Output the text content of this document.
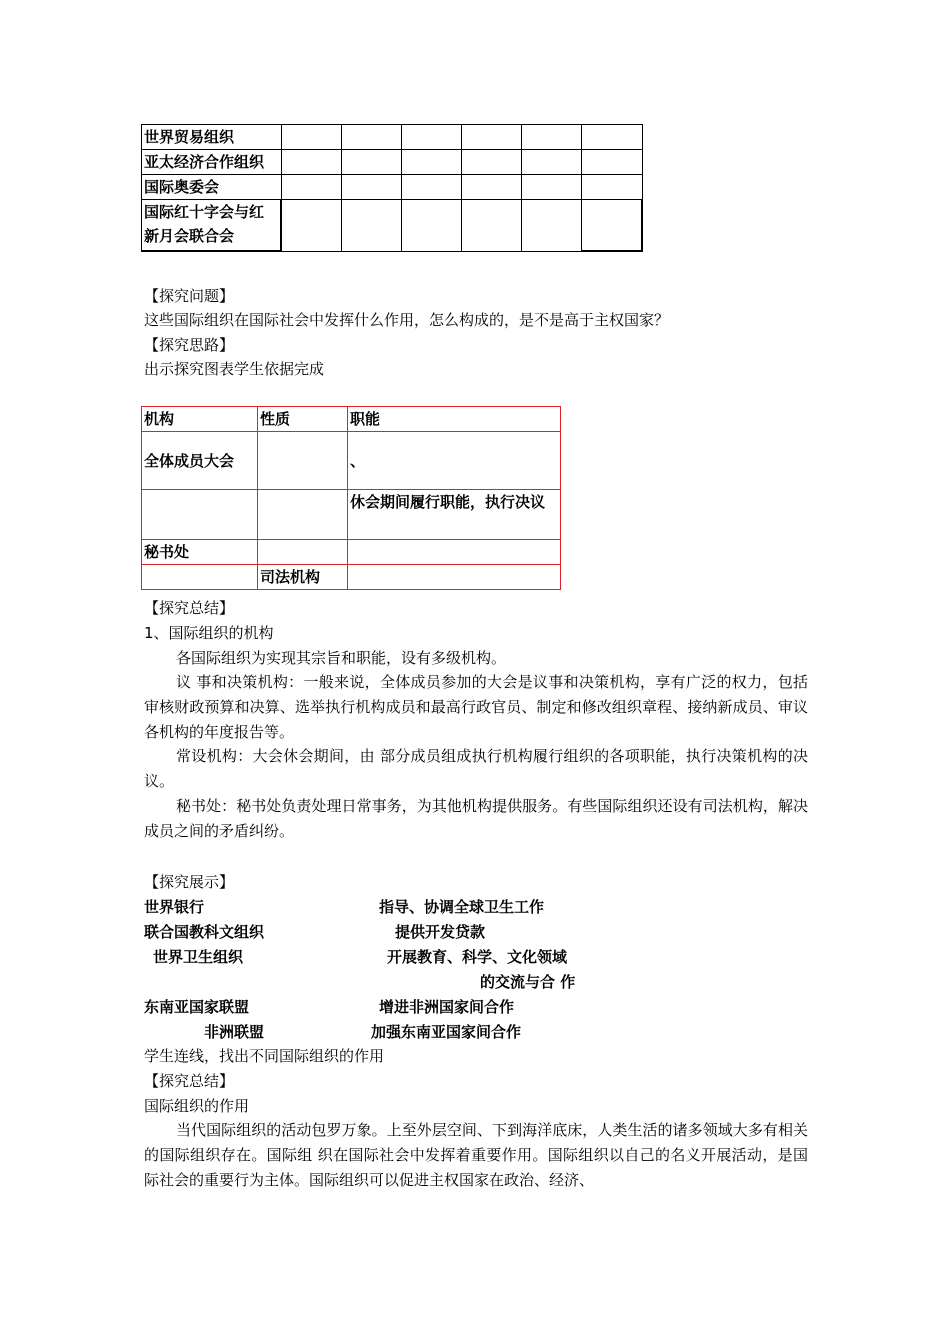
世界贸易组织						
亚太经济合作组织						
国际奥委会						
国际红十字会与红新月会联合会						
【探究问题】
这些国际组织在国际社会中发挥什么作用，怎么构成的，是不是高于主权国家？
【探究思路】
出示探究图表学生依据完成
机构	性质	职能
全体成员大会		、
		休会期间履行职能，执行决议
秘书处		
	司法机构	
【探究总结】
1、国际组织的机构
各国际组织为实现其宗旨和职能，设有多级机构。
议 事和决策机构：一般来说，全体成员参加的大会是议事和决策机构，享有广泛的权力，包括审核财政预算和决算、选举执行机构成员和最高行政官员、制定和修改组织章程、接纳新成员、审议各机构的年度报告等。
常设机构：大会休会期间，由 部分成员组成执行机构履行组织的各项职能，执行决策机构的决议。
秘书处：秘书处负责处理日常事务，为其他机构提供服务。有些国际组织还设有司法机构，解决成员之间的矛盾纠纷。
【探究展示】
世界银行
联合国教科文组织
世界卫生组织
东南亚国家联盟
非洲联盟
指导、协调全球卫生工作
提供开发贷款
开展教育、科学、文化领域
的交流与合 作
增进非洲国家间合作
加强东南亚国家间合作
学生连线，找出不同国际组织的作用
【探究总结】
国际组织的作用
当代国际组织的活动包罗万象。上至外层空间、下到海洋底床，人类生活的诸多领域大多有相关的国际组织存在。国际组 织在国际社会中发挥着重要作用。国际组织以自己的名义开展活动，是国际社会的重要行为主体。国际组织可以促进主权国家在政治、经济、
